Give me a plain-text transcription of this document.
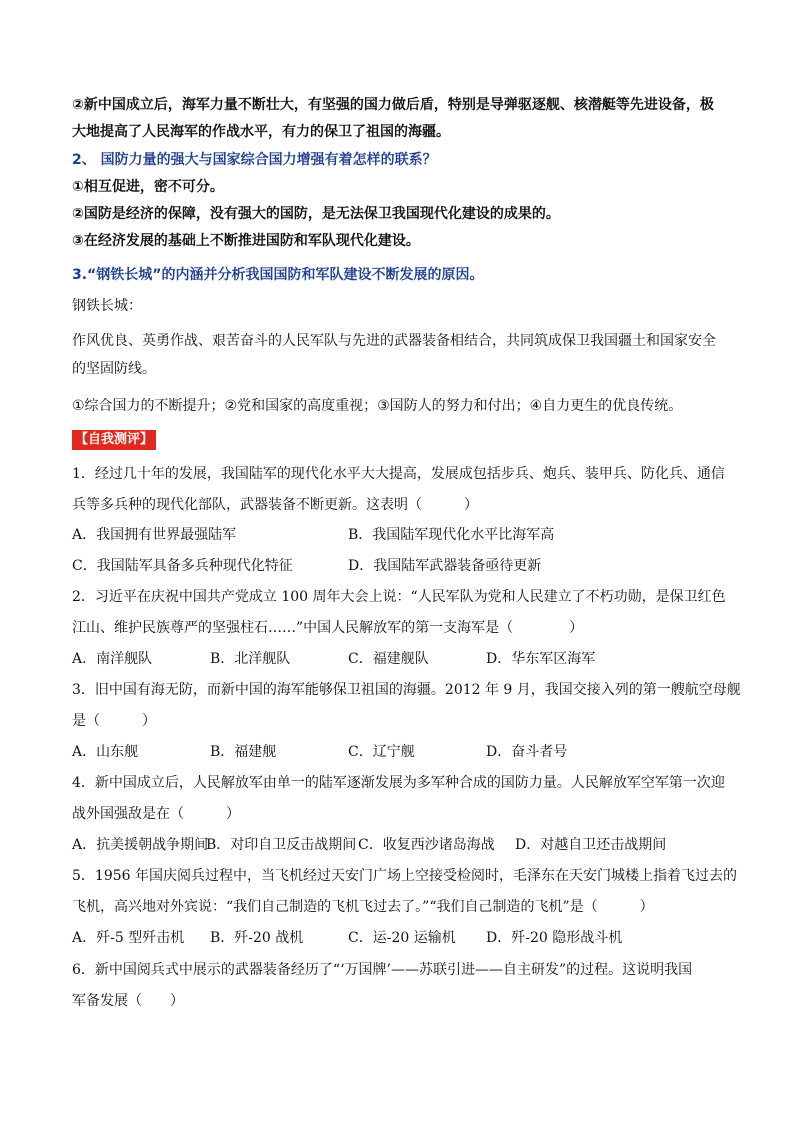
②新中国成立后，海军力量不断壮大，有坚强的国力做后盾，特别是导弹驱逐舰、核潜艇等先进设备，极
大地提高了人民海军的作战水平，有力的保卫了祖国的海疆。
2、 国防力量的强大与国家综合国力增强有着怎样的联系？
①相互促进，密不可分。
②国防是经济的保障，没有强大的国防，是无法保卫我国现代化建设的成果的。
③在经济发展的基础上不断推进国防和军队现代化建设。
3.“钢铁长城”的内涵并分析我国国防和军队建设不断发展的原因。
钢铁长城：
作风优良、英勇作战、艰苦奋斗的人民军队与先进的武器装备相结合，共同筑成保卫我国疆土和国家安全
的坚固防线。
①综合国力的不断提升；②党和国家的高度重视；③国防人的努力和付出；④自力更生的优良传统。
【自我测评】
1．经过几十年的发展，我国陆军的现代化水平大大提高，发展成包括步兵、炮兵、装甲兵、防化兵、通信
兵等多兵种的现代化部队，武器装备不断更新。这表明（　　　）
A．我国拥有世界最强陆军	B．我国陆军现代化水平比海军高
C．我国陆军具备多兵种现代化特征	D．我国陆军武器装备亟待更新
2．习近平在庆祝中国共产党成立 100 周年大会上说：“人民军队为党和人民建立了不朽功勋，是保卫红色
江山、维护民族尊严的坚强柱石……”中国人民解放军的第一支海军是（　　　　）
A．南洋舰队	B．北洋舰队	C．福建舰队	D．华东军区海军
3．旧中国有海无防，而新中国的海军能够保卫祖国的海疆。2012 年 9 月，我国交接入列的第一艘航空母舰
是（　　　）
A．山东舰	B．福建舰	C．辽宁舰	D．奋斗者号
4．新中国成立后，人民解放军由单一的陆军逐渐发展为多军种合成的国防力量。人民解放军空军第一次迎
战外国强敌是在（　　　）
A．抗美援朝战争期间
B．对印自卫反击战期间 C．收复西沙诸岛海战 D．对越自卫还击战期间
5．1956 年国庆阅兵过程中，当飞机经过天安门广场上空接受检阅时，毛泽东在天安门城楼上指着飞过去的
飞机，高兴地对外宾说：“我们自己制造的飞机飞过去了。”“我们自己制造的飞机”是（　　　）
A．歼-5 型歼击机 B．歼-20 战机	C．运-20 运输机 D．歼-20 隐形战斗机
6．新中国阅兵式中展示的武器装备经历了“‘万国牌’——苏联引进——自主研发”的过程。这说明我国
军备发展（　　）
